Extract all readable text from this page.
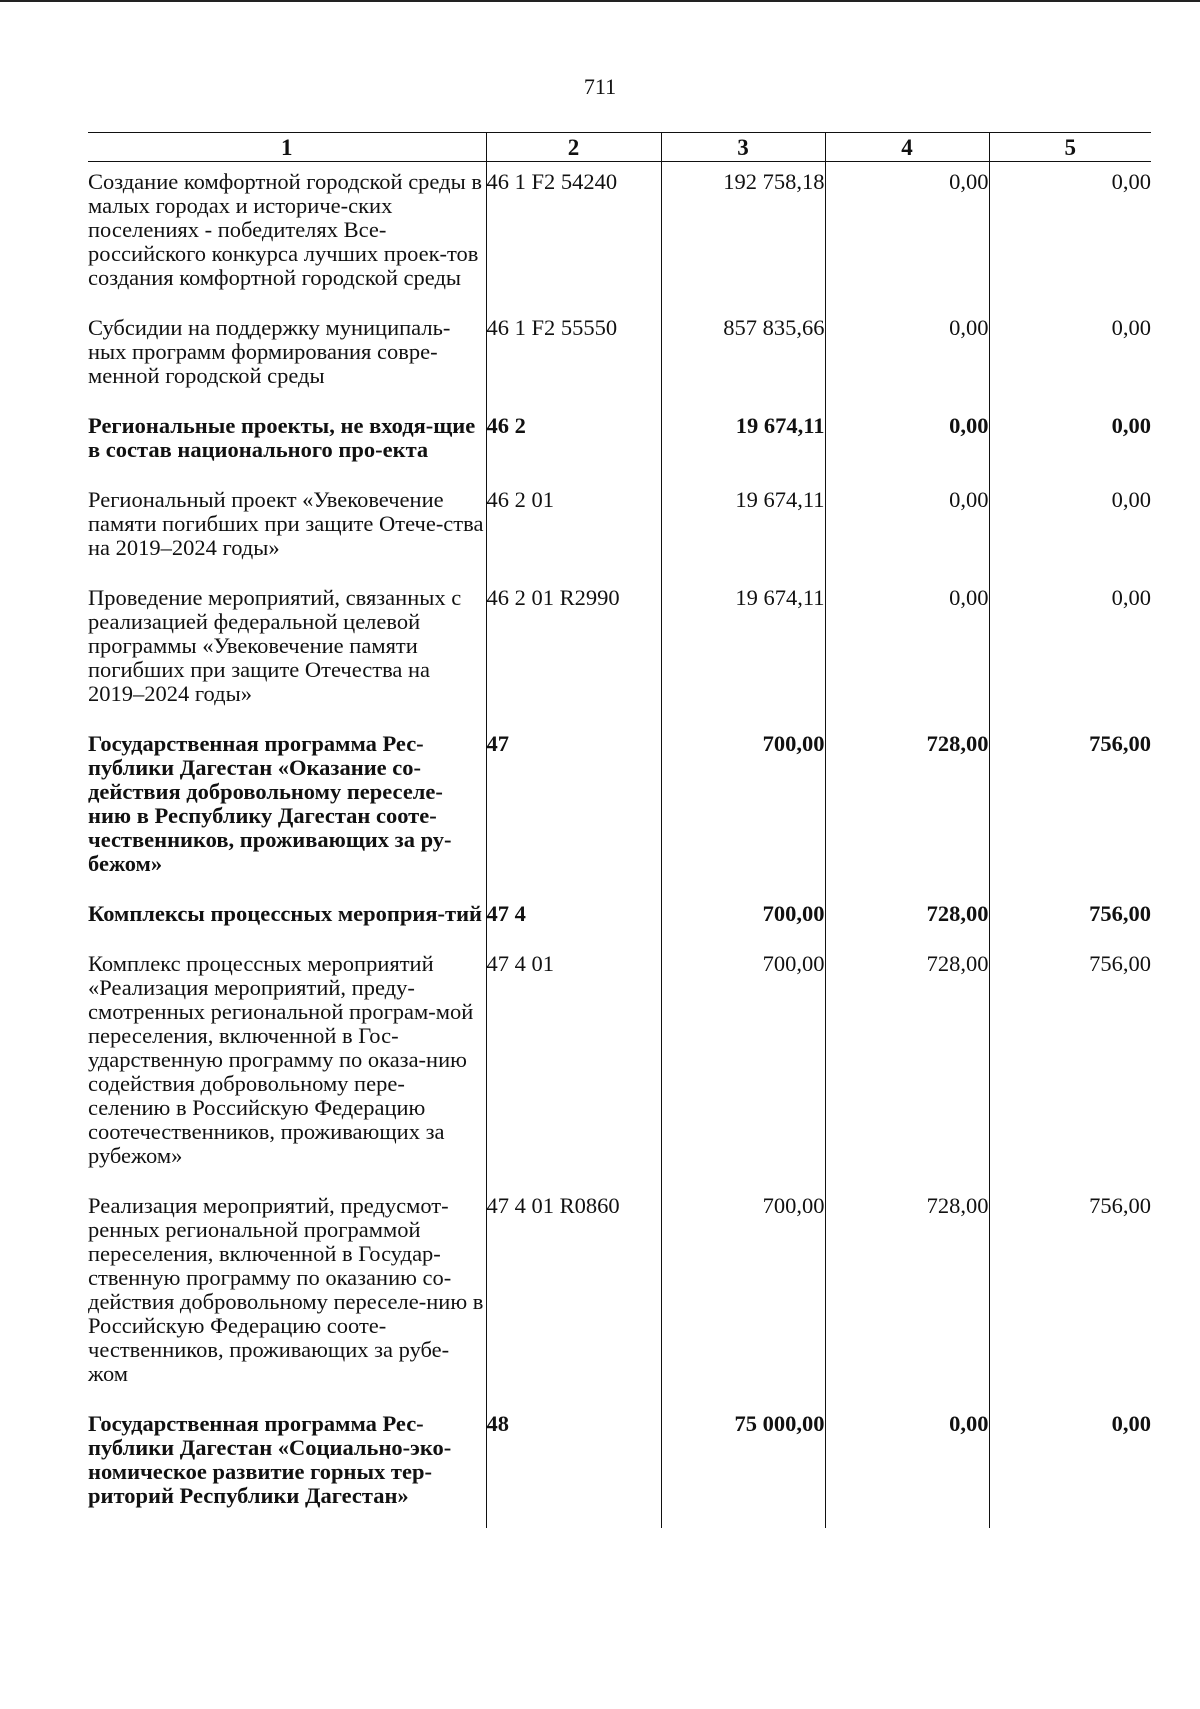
711
1	2	3	4	5
Создание комфортной городской среды в малых городах и историче-ских поселениях - победителях Все-российского конкурса лучших проек-тов создания комфортной городской среды	46 1 F2 54240	192 758,18	0,00	0,00
Субсидии на поддержку муниципаль-ных программ формирования совре-менной городской среды	46 1 F2 55550	857 835,66	0,00	0,00
Региональные проекты, не входя-щие в состав национального про-екта	46 2	19 674,11	0,00	0,00
Региональный проект «Увековечение памяти погибших при защите Отече-ства на 2019–2024 годы»	46 2 01	19 674,11	0,00	0,00
Проведение мероприятий, связанных с реализацией федеральной целевой программы «Увековечение памяти погибших при защите Отечества на 2019–2024 годы»	46 2 01 R2990	19 674,11	0,00	0,00
Государственная программа Рес-публики Дагестан «Оказание со-действия добровольному переселе-нию в Республику Дагестан соотe-чественников, проживающих за ру-бежом»	47	700,00	728,00	756,00
Комплексы процессных мероприя-тий	47 4	700,00	728,00	756,00
Комплекс процессных мероприятий «Реализация мероприятий, преду-смотренных региональной програм-мой переселения, включенной в Гос-ударственную программу по оказа-нию содействия добровольному пере-селению в Российскую Федерацию соотечественников, проживающих за рубежом»	47 4 01	700,00	728,00	756,00
Реализация мероприятий, предусмот-ренных региональной программой переселения, включенной в Государ-ственную программу по оказанию со-действия добровольному переселе-нию в Российскую Федерацию соотe-чественников, проживающих за рубе-жом	47 4 01 R0860	700,00	728,00	756,00
Государственная программа Рес-публики Дагестан «Социально-эко-номическое развитие горных тер-риторий Республики Дагестан»	48	75 000,00	0,00	0,00
